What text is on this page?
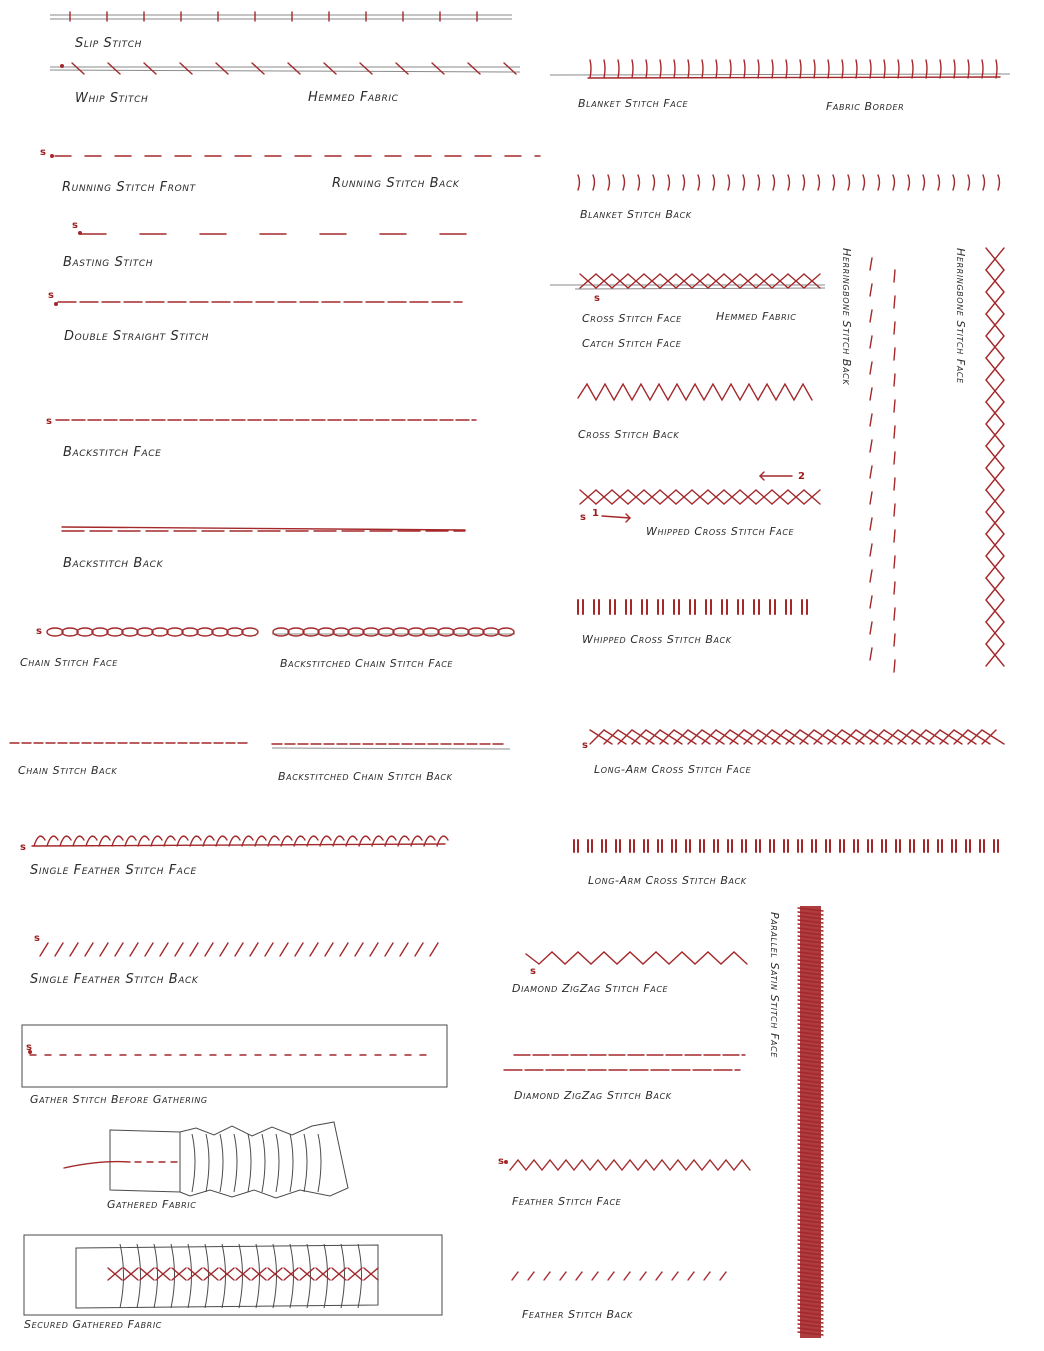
Slip Stitch
Whip Stitch	Hemmed Fabric
s
Running Stitch Front	Running Stitch Back
s
Basting Stitch
s
Double Straight Stitch
s
Backstitch Face
Backstitch Back
s
Chain Stitch Face	Backstitched Chain Stitch Face
Chain Stitch Back	Backstitched Chain Stitch Back
s
Single Feather Stitch Face
s
Single Feather Stitch Back
s
Gather Stitch Before Gathering
Gathered Fabric
Secured Gathered Fabric
Blanket Stitch Face	Fabric Border
Blanket Stitch Back
s
Cross Stitch Face	Hemmed Fabric
Catch Stitch Face
Cross Stitch Back
2
s 1
Whipped Cross Stitch Face
Whipped Cross Stitch Back
Herringbone Stitch Back	Herringbone Stitch Face
s
Long-Arm Cross Stitch Face
Long-Arm Cross Stitch Back
s
Diamond ZigZag Stitch Face
Diamond ZigZag Stitch Back
s
Feather Stitch Face
Feather Stitch Back
Parallel Satin Stitch Face
